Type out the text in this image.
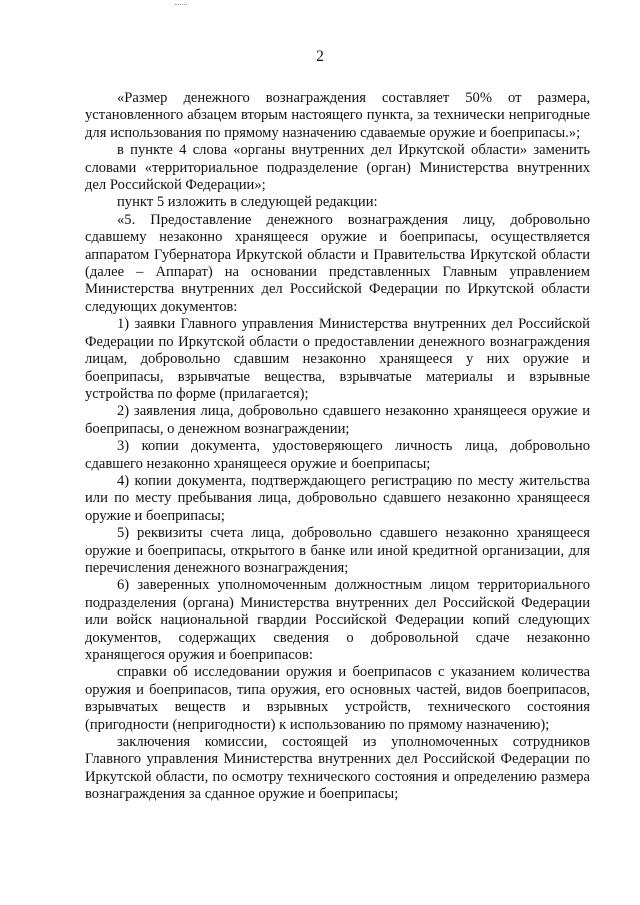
2

«Размер денежного вознаграждения составляет 50% от размера, установленного абзацем вторым настоящего пункта, за технически непригодные для использования по прямому назначению сдаваемые оружие и боеприпасы.»;

в пункте 4 слова «органы внутренних дел Иркутской области» заменить словами «территориальное подразделение (орган) Министерства внутренних дел Российской Федерации»;

пункт 5 изложить в следующей редакции:

«5. Предоставление денежного вознаграждения лицу, добровольно сдавшему незаконно хранящееся оружие и боеприпасы, осуществляется аппаратом Губернатора Иркутской области и Правительства Иркутской области (далее – Аппарат) на основании представленных Главным управлением Министерства внутренних дел Российской Федерации по Иркутской области следующих документов:

1) заявки Главного управления Министерства внутренних дел Российской Федерации по Иркутской области о предоставлении денежного вознаграждения лицам, добровольно сдавшим незаконно хранящееся у них оружие и боеприпасы, взрывчатые вещества, взрывчатые материалы и взрывные устройства по форме (прилагается);

2) заявления лица, добровольно сдавшего незаконно хранящееся оружие и боеприпасы, о денежном вознаграждении;

3) копии документа, удостоверяющего личность лица, добровольно сдавшего незаконно хранящееся оружие и боеприпасы;

4) копии документа, подтверждающего регистрацию по месту жительства или по месту пребывания лица, добровольно сдавшего незаконно хранящееся оружие и боеприпасы;

5) реквизиты счета лица, добровольно сдавшего незаконно хранящееся оружие и боеприпасы, открытого в банке или иной кредитной организации, для перечисления денежного вознаграждения;

6) заверенных уполномоченным должностным лицом территориального подразделения (органа) Министерства внутренних дел Российской Федерации или войск национальной гвардии Российской Федерации копий следующих документов, содержащих сведения о добровольной сдаче незаконно хранящегося оружия и боеприпасов:

справки об исследовании оружия и боеприпасов с указанием количества оружия и боеприпасов, типа оружия, его основных частей, видов боеприпасов, взрывчатых веществ и взрывных устройств, технического состояния (пригодности (непригодности) к использованию по прямому назначению);

заключения комиссии, состоящей из уполномоченных сотрудников Главного управления Министерства внутренних дел Российской Федерации по Иркутской области, по осмотру технического состояния и определению размера вознаграждения за сданное оружие и боеприпасы;
